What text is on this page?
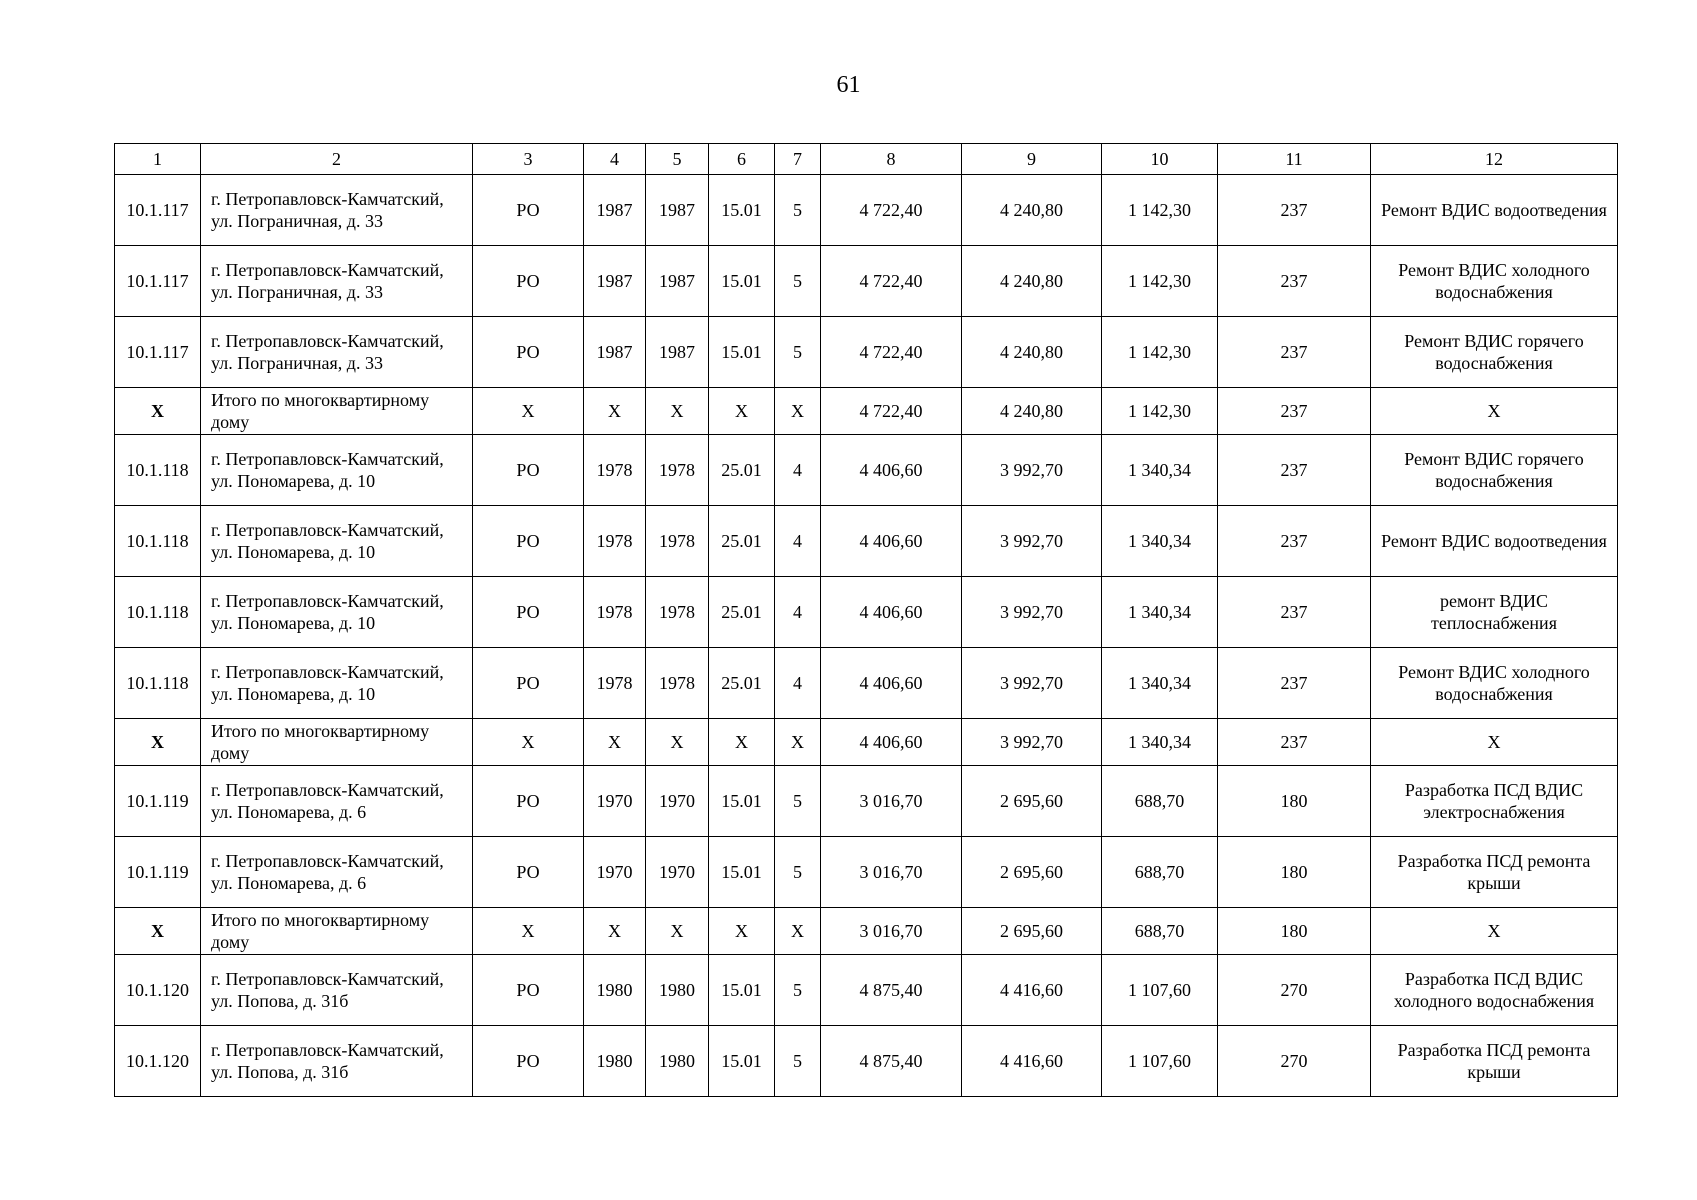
61
1	2	3	4	5	6	7	8	9	10	11	12
10.1.117	г. Петропавловск-Камчатский, ул. Пограничная, д. 33	РО	1987	1987	15.01	5	4 722,40	4 240,80	1 142,30	237	Ремонт ВДИС водоотведения
10.1.117	г. Петропавловск-Камчатский, ул. Пограничная, д. 33	РО	1987	1987	15.01	5	4 722,40	4 240,80	1 142,30	237	Ремонт ВДИС холодного водоснабжения
10.1.117	г. Петропавловск-Камчатский, ул. Пограничная, д. 33	РО	1987	1987	15.01	5	4 722,40	4 240,80	1 142,30	237	Ремонт ВДИС горячего водоснабжения
X	Итого по многоквартирному дому	X	X	X	X	X	4 722,40	4 240,80	1 142,30	237	X
10.1.118	г. Петропавловск-Камчатский, ул. Пономарева, д. 10	РО	1978	1978	25.01	4	4 406,60	3 992,70	1 340,34	237	Ремонт ВДИС горячего водоснабжения
10.1.118	г. Петропавловск-Камчатский, ул. Пономарева, д. 10	РО	1978	1978	25.01	4	4 406,60	3 992,70	1 340,34	237	Ремонт ВДИС водоотведения
10.1.118	г. Петропавловск-Камчатский, ул. Пономарева, д. 10	РО	1978	1978	25.01	4	4 406,60	3 992,70	1 340,34	237	ремонт ВДИС теплоснабжения
10.1.118	г. Петропавловск-Камчатский, ул. Пономарева, д. 10	РО	1978	1978	25.01	4	4 406,60	3 992,70	1 340,34	237	Ремонт ВДИС холодного водоснабжения
X	Итого по многоквартирному дому	X	X	X	X	X	4 406,60	3 992,70	1 340,34	237	X
10.1.119	г. Петропавловск-Камчатский, ул. Пономарева, д. 6	РО	1970	1970	15.01	5	3 016,70	2 695,60	688,70	180	Разработка ПСД ВДИС электроснабжения
10.1.119	г. Петропавловск-Камчатский, ул. Пономарева, д. 6	РО	1970	1970	15.01	5	3 016,70	2 695,60	688,70	180	Разработка ПСД ремонта крыши
X	Итого по многоквартирному дому	X	X	X	X	X	3 016,70	2 695,60	688,70	180	X
10.1.120	г. Петропавловск-Камчатский, ул. Попова, д. 31б	РО	1980	1980	15.01	5	4 875,40	4 416,60	1 107,60	270	Разработка ПСД ВДИС холодного водоснабжения
10.1.120	г. Петропавловск-Камчатский, ул. Попова, д. 31б	РО	1980	1980	15.01	5	4 875,40	4 416,60	1 107,60	270	Разработка ПСД ремонта крыши
